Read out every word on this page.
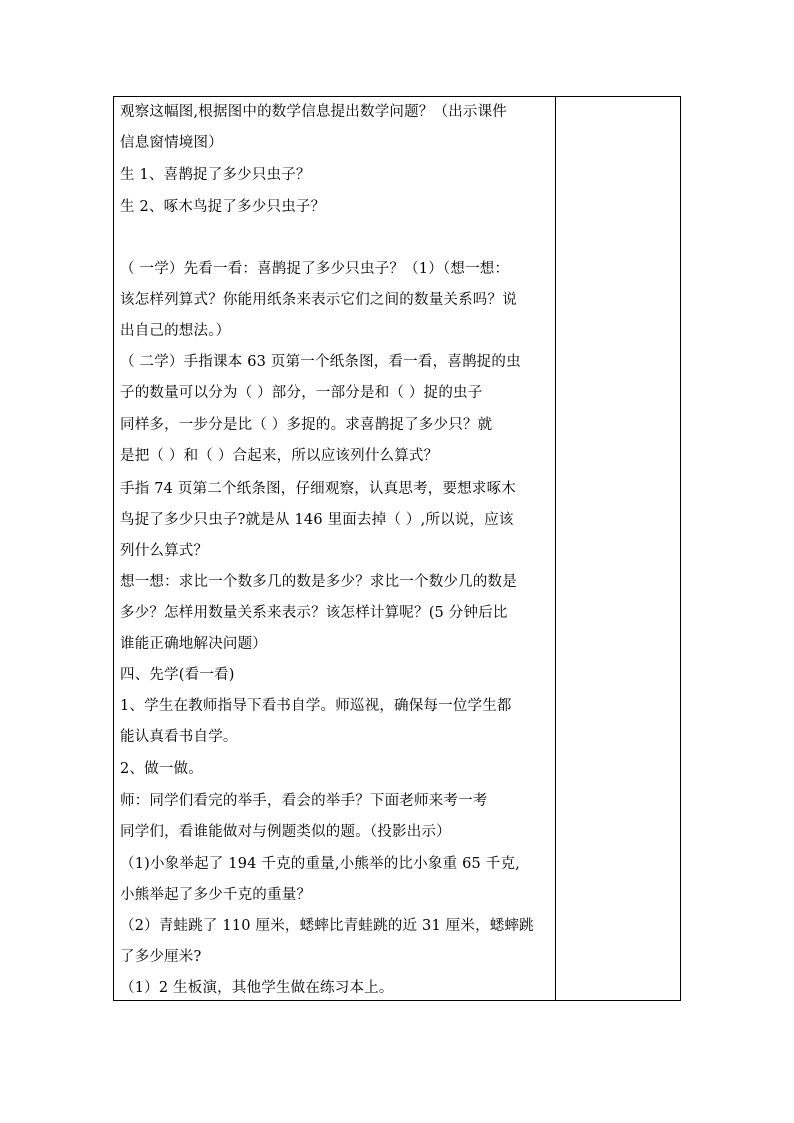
观察这幅图,根据图中的数学信息提出数学问题？（出示课件
信息窗情境图）
生 1、喜鹊捉了多少只虫子？
生 2、啄木鸟捉了多少只虫子？
（ 一学）先看一看：喜鹊捉了多少只虫子？（1）（想一想：
该怎样列算式？你能用纸条来表示它们之间的数量关系吗？说
出自己的想法。）
（ 二学）手指课本 63 页第一个纸条图，看一看，喜鹊捉的虫
子的数量可以分为（ ）部分，一部分是和（ ）捉的虫子
同样多，一步分是比（ ）多捉的。求喜鹊捉了多少只？就
是把（ ）和（ ）合起来，所以应该列什么算式？
手指 74 页第二个纸条图，仔细观察，认真思考，要想求啄木
鸟捉了多少只虫子?就是从 146 里面去掉（ ）,所以说，应该
列什么算式？
想一想：求比一个数多几的数是多少？求比一个数少几的数是
多少？怎样用数量关系来表示？该怎样计算呢？(5 分钟后比
谁能正确地解决问题）
四、先学(看一看)
1、学生在教师指导下看书自学。师巡视，确保每一位学生都
能认真看书自学。
2、做一做。
师：同学们看完的举手，看会的举手？下面老师来考一考
同学们，看谁能做对与例题类似的题。（投影出示）
（1)小象举起了 194 千克的重量,小熊举的比小象重 65 千克,
小熊举起了多少千克的重量？
（2）青蛙跳了 110 厘米，蟋蟀比青蛙跳的近 31 厘米，蟋蟀跳
了多少厘米?
（1）2 生板演，其他学生做在练习本上。
